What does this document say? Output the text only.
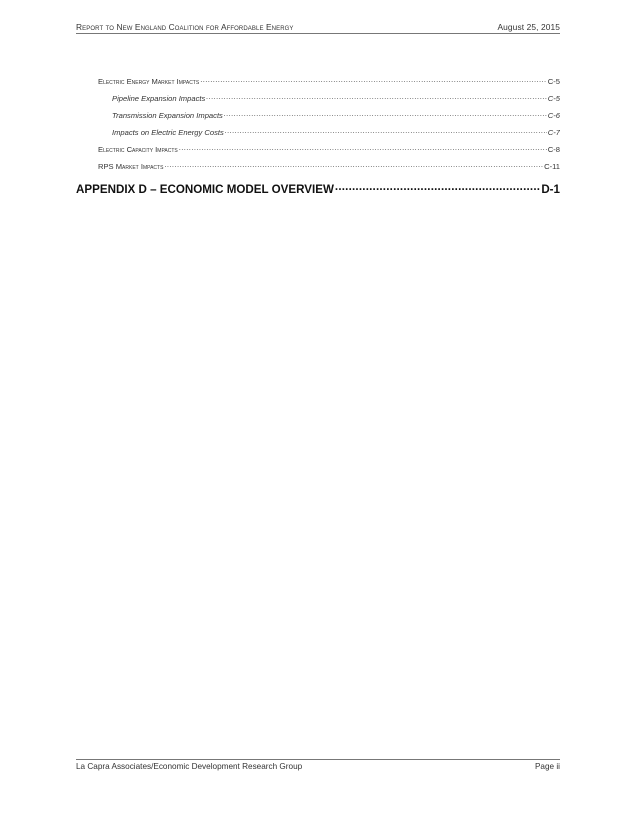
Report to New England Coalition for Affordable Energy	August 25, 2015
Electric Energy Market Impacts .....	C-5
Pipeline Expansion Impacts .....	C-5
Transmission Expansion Impacts .....	C-6
Impacts on Electric Energy Costs .....	C-7
Electric Capacity Impacts .....	C-8
RPS Market Impacts .....	C-11
APPENDIX D – ECONOMIC MODEL OVERVIEW .....	D-1
La Capra Associates/Economic Development Research Group	Page ii
